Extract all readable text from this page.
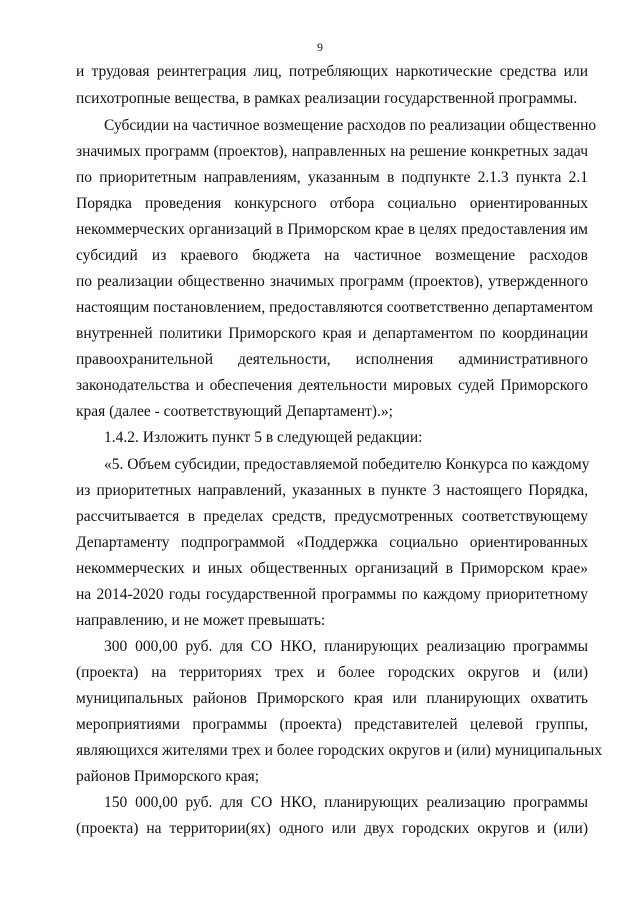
9
и трудовая реинтеграция лиц, потребляющих наркотические средства или
психотропные вещества, в рамках реализации государственной программы.
Субсидии на частичное возмещение расходов по реализации общественно
значимых программ (проектов), направленных на решение конкретных задач
по приоритетным направлениям, указанным в подпункте 2.1.3 пункта 2.1
Порядка проведения конкурсного отбора социально ориентированных
некоммерческих организаций в Приморском крае в целях предоставления им
субсидий из краевого бюджета на частичное возмещение расходов
по реализации общественно значимых программ (проектов), утвержденного
настоящим постановлением, предоставляются соответственно департаментом
внутренней политики Приморского края и департаментом по координации
правоохранительной деятельности, исполнения административного
законодательства и обеспечения деятельности мировых судей Приморского
края (далее - соответствующий Департамент).»;
1.4.2. Изложить пункт 5 в следующей редакции:
«5. Объем субсидии, предоставляемой победителю Конкурса по каждому
из приоритетных направлений, указанных в пункте 3 настоящего Порядка,
рассчитывается в пределах средств, предусмотренных соответствующему
Департаменту подпрограммой «Поддержка социально ориентированных
некоммерческих и иных общественных организаций в Приморском крае»
на 2014-2020 годы государственной программы по каждому приоритетному
направлению, и не может превышать:
300 000,00 руб. для СО НКО, планирующих реализацию программы
(проекта) на территориях трех и более городских округов и (или)
муниципальных районов Приморского края или планирующих охватить
мероприятиями программы (проекта) представителей целевой группы,
являющихся жителями трех и более городских округов и (или) муниципальных
районов Приморского края;
150 000,00 руб. для СО НКО, планирующих реализацию программы
(проекта) на территории(ях) одного или двух городских округов и (или)
